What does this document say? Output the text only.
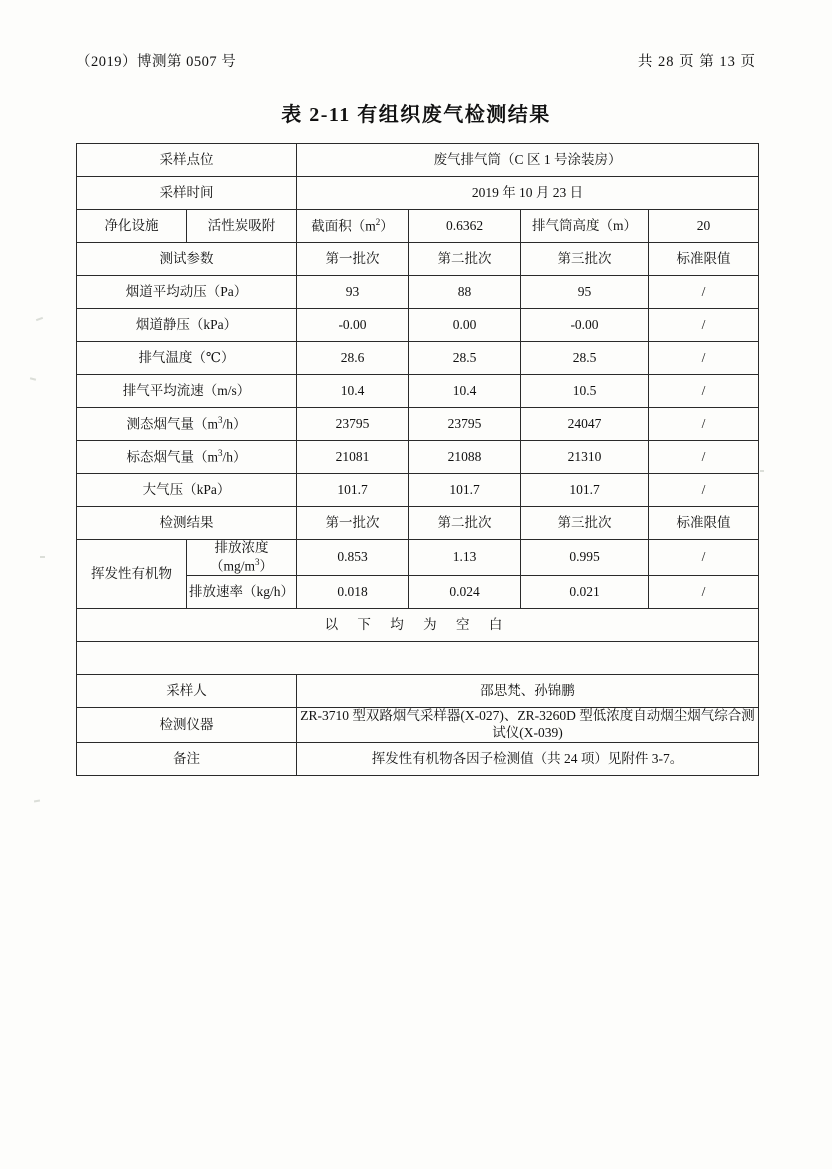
（2019）博测第 0507 号	共 28 页 第 13 页
表 2-11 有组织废气检测结果
采样点位		废气排气筒（C 区 1 号涂装房）			
采样时间		2019 年 10 月 23 日			
净化设施	活性炭吸附	截面积$(m^2)$	0.6362	排气筒高度（m）	20
测试参数		第一批次	第二批次	第三批次	标准限值
烟道平均动压（Pa）		93	88	95	/
烟道静压（kPa）		-0.00	0.00	-0.00	/
排气温度（℃）		28.6	28.5	28.5	/
排气平均流速（m/s）		10.4	10.4	10.5	/
测态烟气量$(m^3/h)$		23795	23795	24047	/
标态烟气量$(m^3/h)$		21081	21088	21310	/
大气压（kPa）		101.7	101.7	101.7	/
检测结果		第一批次	第二批次	第三批次	标准限值
挥发性有机物	排放浓度$(mg/m^3)$	0.853	1.13	0.995	/
	排放速率（kg/h）	0.018	0.024	0.021	/
以 下 均 为 空 白					

采样人		邵思梵、孙锦鹏			
检测仪器		ZR-3710 型双路烟气采样器(X-027)、ZR-3260D 型低浓度自动烟尘烟气综合测试仪(X-039)			
备注		挥发性有机物各因子检测值（共 24 项）见附件 3-7。			
